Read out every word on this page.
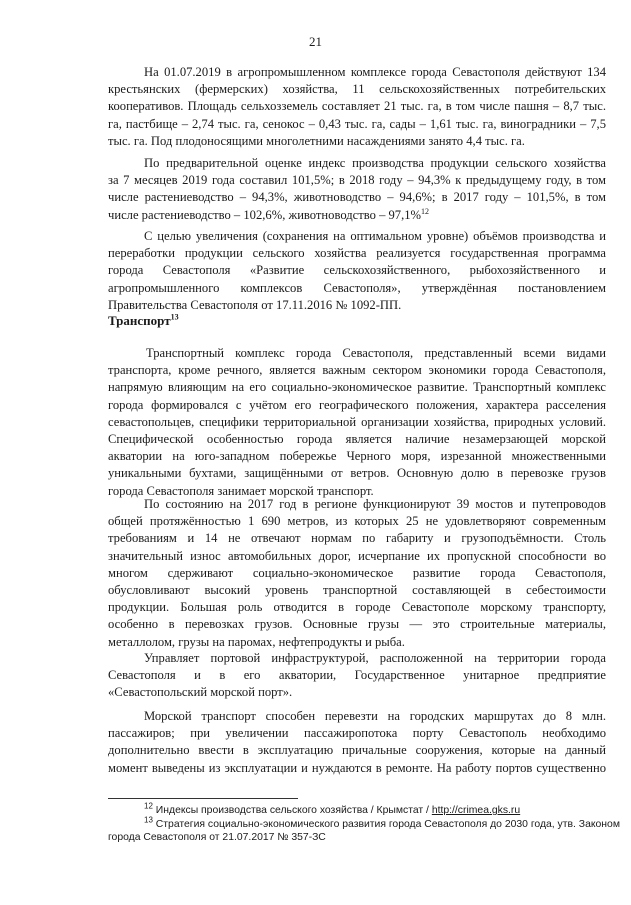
21
На 01.07.2019 в агропромышленном комплексе города Севастополя действуют 134
крестьянских (фермерских) хозяйства, 11 сельскохозяйственных потребительских
кооперативов. Площадь сельхозземель составляет 21 тыс. га, в том числе пашня – 8,7 тыс.
га, пастбище – 2,74 тыс. га, сенокос – 0,43 тыс. га, сады – 1,61 тыс. га, виноградники – 7,5
тыс. га. Под плодоносящими многолетними насаждениями занято 4,4 тыс. га.
По предварительной оценке индекс производства продукции сельского хозяйства
за 7 месяцев 2019 года составил 101,5%; в 2018 году – 94,3% к предыдущему году, в том
числе растениеводство – 94,3%, животноводство – 94,6%; в 2017 году – 101,5%, в том
числе растениеводство – 102,6%, животноводство – 97,1%$^{12}$
С целью увеличения (сохранения на оптимальном уровне) объёмов производства и
переработки продукции сельского хозяйства реализуется государственная программа
города Севастополя «Развитие сельскохозяйственного, рыбохозяйственного и
агропромышленного комплексов Севастополя», утверждённая постановлением
Правительства Севастополя от 17.11.2016 № 1092-ПП.
Транспорт$^{13}$
Транспортный комплекс города Севастополя, представленный всеми видами
транспорта, кроме речного, является важным сектором экономики города Севастополя,
напрямую влияющим на его социально-экономическое развитие. Транспортный комплекс
города формировался с учётом его географического положения, характера расселения
севастопольцев, специфики территориальной организации хозяйства, природных условий.
Специфической особенностью города является наличие незамерзающей морской
акватории на юго-западном побережье Черного моря, изрезанной множественными
уникальными бухтами, защищёнными от ветров. Основную долю в перевозке грузов
города Севастополя занимает морской транспорт.
По состоянию на 2017 год в регионе функционируют 39 мостов и путепроводов
общей протяжённостью 1 690 метров, из которых 25 не удовлетворяют современным
требованиям и 14 не отвечают нормам по габариту и грузоподъёмности. Столь
значительный износ автомобильных дорог, исчерпание их пропускной способности во
многом сдерживают социально-экономическое развитие города Севастополя,
обусловливают высокий уровень транспортной составляющей в себестоимости
продукции. Большая роль отводится в городе Севастополе морскому транспорту,
особенно в перевозках грузов. Основные грузы — это строительные материалы,
металлолом, грузы на паромах, нефтепродукты и рыба.
Управляет портовой инфраструктурой, расположенной на территории города
Севастополя и в его акватории, Государственное унитарное предприятие
«Севастопольский морской порт».
Морской транспорт способен перевезти на городских маршрутах до 8 млн.
пассажиров; при увеличении пассажиропотока порту Севастополь необходимо
дополнительно ввести в эксплуатацию причальные сооружения, которые на данный
момент выведены из эксплуатации и нуждаются в ремонте. На работу портов существенно
$^{12}$ Индексы производства сельского хозяйства / Крымстат / http://crimea.gks.ru
$^{13}$ Стратегия социально-экономического развития города Севастополя до 2030 года, утв. Законом
города Севастополя от 21.07.2017 № 357-ЗС
